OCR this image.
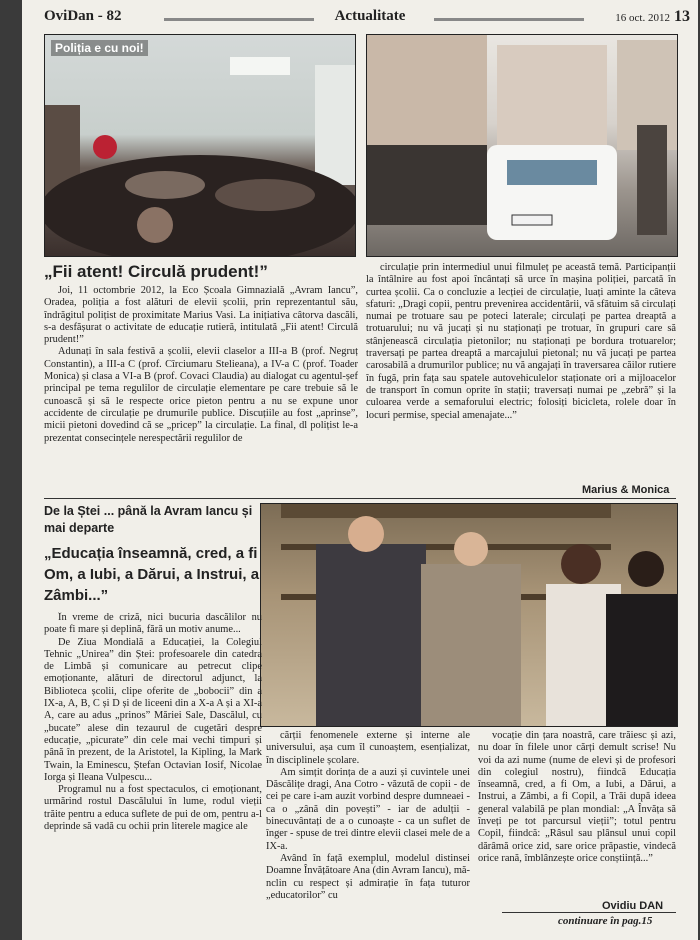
OviDan - 82	Actualitate	16 oct. 2012 13
Poliția e cu noi!
„Fii atent! Circulă prudent!”

Joi, 11 octombrie 2012, la Eco Școala Gimnazială „Avram Iancu”, Oradea, poliția a fost alături de elevii școlii, prin reprezentantul său, îndrăgitul polițist de proximitate Marius Vasi. La inițiativa câtorva dascăli, s-a desfășurat o activitate de educație rutieră, intitulată „Fii atent! Circulă prudent!”

Adunați în sala festivă a școlii, elevii claselor a III-a B (prof. Negruț Constantin), a III-a C (prof. Cîrciumaru Stelieana), a IV-a C (prof. Toader Monica) și clasa a VI-a B (prof. Covaci Claudia) au dialogat cu agentul-șef principal pe tema regulilor de circulație elementare pe care trebuie să le cunoască și să le respecte orice pieton pentru a nu se expune unor accidente de circulație pe drumurile publice. Discuțiile au fost „aprinse”, micii pietoni dovedind că se „pricep” la circulație. La final, dl polițist le-a prezentat consecințele nerespectării regulilor de

circulație prin intermediul unui filmuleț pe această temă. Participanții la întâlnire au fost apoi încântați să urce în mașina poliției, parcată în curtea școlii. Ca o concluzie a lecției de circulație, luați aminte la câteva sfaturi: „Dragi copii, pentru prevenirea accidentării, vă sfătuim să circulați numai pe trotuare sau pe poteci laterale; circulați pe partea dreaptă a trotuarului; nu vă jucați și nu staționați pe trotuar, în grupuri care să stânjenească circulația pietonilor; nu staționați pe bordura trotuarelor; traversați pe partea dreaptă a marcajului pietonal; nu vă jucați pe partea carosabilă a drumurilor publice; nu vă angajați în traversarea căilor rutiere în fugă, prin fața sau spatele autovehiculelor staționate ori a mijloacelor de transport în comun oprite în stații; traversați numai pe „zebră” și la culoarea verde a semaforului electric; folosiți bicicleta, rolele doar în locuri permise, special amenajate...”

Marius & Monica
De la Ștei ... până la Avram Iancu și mai departe
„Educația înseamnă, cred, a fi Om, a Iubi, a Dărui, a Instrui, a Zâmbi...”

În vreme de criză, nici bucuria dascălilor nu poate fi mare și deplină, fără un motiv anume...

De Ziua Mondială a Educației, la Colegiul Tehnic „Unirea” din Ștei: profesoarele din catedra de Limbă și comunicare au petrecut clipe emoționante, alături de directorul adjunct, la Biblioteca școlii, clipe oferite de „bobocii” din a IX-a, A, B, C și D și de liceeni din a X-a A și a XI-a A, care au adus „prinos” Măriei Sale, Dascălul, cu „bucate” alese din tezaurul de cugetări despre educație, „picurate” din cele mai vechi timpuri și până în prezent, de la Aristotel, la Kipling, la Mark Twain, la Eminescu, Ștefan Octavian Iosif, Nicolae Iorga și Ileana Vulpescu...

Programul nu a fost spectaculos, ci emoționant, urmărind rostul Dascălului în lume, rodul vieții trăite pentru a educa suflete de pui de om, pentru a-l deprinde să vadă cu ochii prin literele magice ale

cărții fenomenele externe și interne ale universului, așa cum îl cunoaștem, esențializat, în disciplinele școlare.

Am simțit dorința de a auzi și cuvintele unei Dăscălițe dragi, Ana Cotro - văzută de copii - de cei pe care i-am auzit vorbind despre dumneaei - ca o „zână din povești” - iar de adulții - binecuvântați de a o cunoaște - ca un suflet de înger - spuse de trei dintre elevii clasei mele de a IX-a.

Având în față exemplul, modelul distinsei Doamne Învățătoare Ana (din Avram Iancu), mă-nclin cu respect și admirație în fața tuturor „educatorilor” cu

vocație din țara noastră, care trăiesc și azi, nu doar în filele unor cărți demult scrise! Nu voi da azi nume (nume de elevi și de profesori din colegiul nostru), fiindcă Educația înseamnă, cred, a fi Om, a Iubi, a Dărui, a Instrui, a Zâmbi, a fi Copil, a Trăi după ideea general valabilă pe plan mondial: „A Învăța să înveți pe tot parcursul vieții”; totul pentru Copil, fiindcă: „Râsul sau plânsul unui copil dărâmă orice zid, sare orice prăpastie, vindecă orice rană, îmblânzește orice conștiință...”

Ovidiu DAN
continuare în pag.15
